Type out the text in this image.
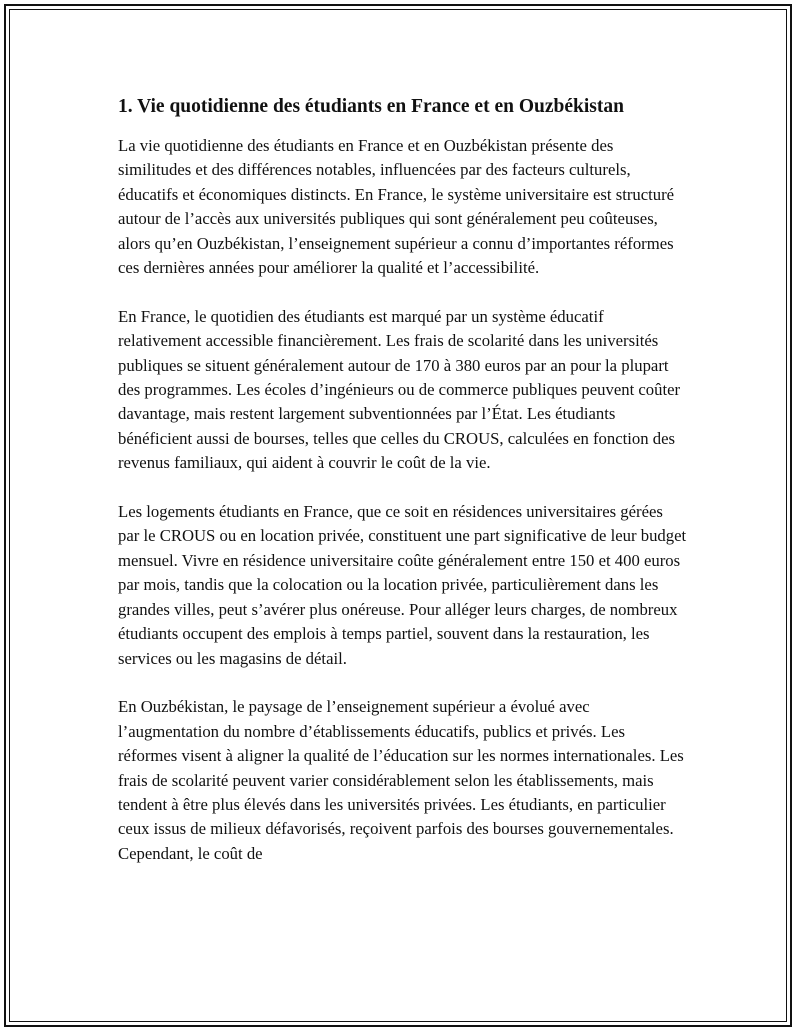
1. Vie quotidienne des étudiants en France et en Ouzbékistan

La vie quotidienne des étudiants en France et en Ouzbékistan présente des similitudes et des différences notables, influencées par des facteurs culturels, éducatifs et économiques distincts. En France, le système universitaire est structuré autour de l’accès aux universités publiques qui sont généralement peu coûteuses, alors qu’en Ouzbékistan, l’enseignement supérieur a connu d’importantes réformes ces dernières années pour améliorer la qualité et l’accessibilité.

En France, le quotidien des étudiants est marqué par un système éducatif relativement accessible financièrement. Les frais de scolarité dans les universités publiques se situent généralement autour de 170 à 380 euros par an pour la plupart des programmes. Les écoles d’ingénieurs ou de commerce publiques peuvent coûter davantage, mais restent largement subventionnées par l’État. Les étudiants bénéficient aussi de bourses, telles que celles du CROUS, calculées en fonction des revenus familiaux, qui aident à couvrir le coût de la vie.

Les logements étudiants en France, que ce soit en résidences universitaires gérées par le CROUS ou en location privée, constituent une part significative de leur budget mensuel. Vivre en résidence universitaire coûte généralement entre 150 et 400 euros par mois, tandis que la colocation ou la location privée, particulièrement dans les grandes villes, peut s’avérer plus onéreuse. Pour alléger leurs charges, de nombreux étudiants occupent des emplois à temps partiel, souvent dans la restauration, les services ou les magasins de détail.

En Ouzbékistan, le paysage de l’enseignement supérieur a évolué avec l’augmentation du nombre d’établissements éducatifs, publics et privés. Les réformes visent à aligner la qualité de l’éducation sur les normes internationales. Les frais de scolarité peuvent varier considérablement selon les établissements, mais tendent à être plus élevés dans les universités privées. Les étudiants, en particulier ceux issus de milieux défavorisés, reçoivent parfois des bourses gouvernementales. Cependant, le coût de
